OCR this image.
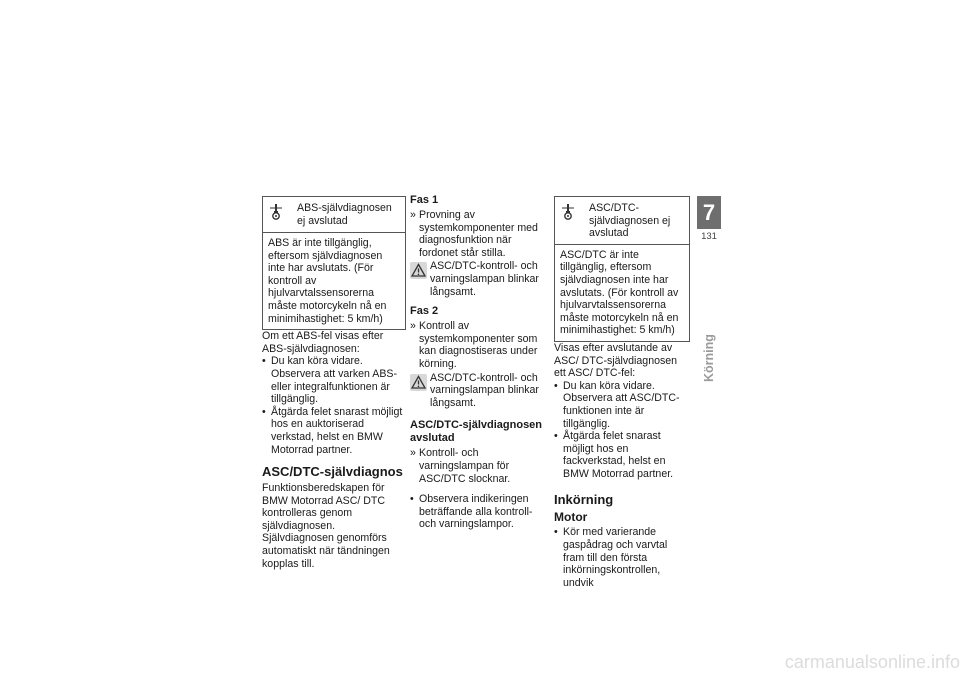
ABS-självdiagnosen ej avslutad

ABS är inte tillgänglig, eftersom självdiagnosen inte har avslutats. (För kontroll av hjulvarvtalssensorerna måste motorcykeln nå en minimihastighet: 5 km/h)

Om ett ABS-fel visas efter ABS-självdiagnosen:

• Du kan köra vidare. Observera att varken ABS- eller integralfunktionen är tillgänglig.
• Åtgärda felet snarast möjligt hos en auktoriserad verkstad, helst en BMW Motorrad partner.
ASC/DTC-självdiagnos

Funktionsberedskapen för BMW Motorrad ASC/ DTC kontrolleras genom självdiagnosen. Självdiagnosen genomförs automatiskt när tändningen kopplas till.

Fas 1
» Provning av systemkomponenter med diagnosfunktion när fordonet står stilla.
ASC/DTC-kontroll- och varningslampan blinkar långsamt.
Fas 2
» Kontroll av systemkomponenter som kan diagnostiseras under körning.
ASC/DTC-kontroll- och varningslampan blinkar långsamt.
ASC/DTC-självdiagnosen avslutad
» Kontroll- och varningslampan för ASC/DTC slocknar.
• Observera indikeringen beträffande alla kontroll- och varningslampor.
ASC/DTC-självdiagnosen ej avslutad

ASC/DTC är inte tillgänglig, eftersom självdiagnosen inte har avslutats. (För kontroll av hjulvarvtalssensorerna måste motorcykeln nå en minimihastighet: 5 km/h)

Visas efter avslutande av ASC/ DTC-självdiagnosen ett ASC/ DTC-fel:

• Du kan köra vidare. Observera att ASC/DTC-funktionen inte är tillgänglig.
• Åtgärda felet snarast möjligt hos en fackverkstad, helst en BMW Motorrad partner.
Inkörning
Motor
• Kör med varierande gaspådrag och varvtal fram till den första inkörningskontrollen, undvik
7
131
Körning
carmanualsonline.info
